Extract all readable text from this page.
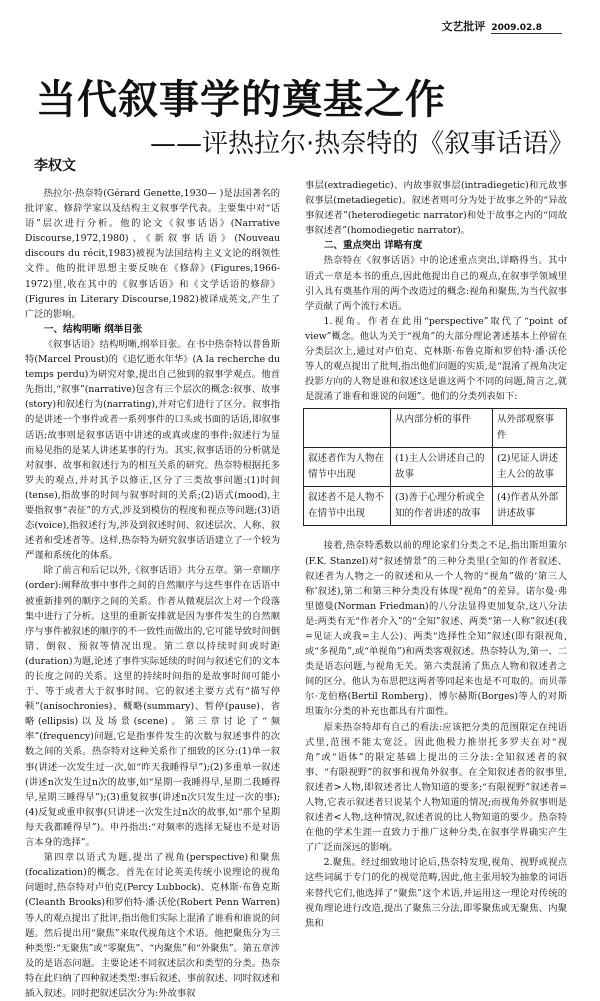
文艺批评 2009.02.8
当代叙事学的奠基之作
——评热拉尔·热奈特的《叙事话语》
李权文

热拉尔·热奈特(Gérard Genette,1930— )是法国著名的批评家、修辞学家以及结构主义叙事学代表。主要集中对“话语”层次进行分析。他的论文《叙事话语》(Narrative Discourse,1972,1980)、《新叙事话语》(Nouveau discours du récit,1983)被视为法国结构主义文论的纲领性文件。他的批评思想主要反映在《修辞》(Figures,1966-1972)里,收在其中的《叙事话语》和《文学话语的修辞》(Figures in Literary Discourse,1982)被译成英文,产生了广泛的影响。

一、结构明晰 纲举目张

《叙事话语》结构明晰,纲举目张。在书中热奈特以普鲁斯特(Marcel Proust)的《追忆逝水年华》(A la recherche du temps perdu)为研究对象,提出自己独到的叙事学观点。他首先指出,“叙事”(narrative)包含有三个层次的概念:叙事、故事(story)和叙述行为(narrating),并对它们进行了区分。叙事指的是讲述一个事件或者一系列事件的口头或书面的话语,即叙事话语;故事则是叙事话语中讲述的或真或虚的事件;叙述行为显而易见指的是某人讲述某事的行为。其实,叙事话语的分析就是对叙事、故事和叙述行为的相互关系的研究。热奈特根据托多罗夫的观点,并对其予以修正,区分了三类故事问题:(1)时间(tense),指故事的时间与叙事时间的关系;(2)语式(mood),主要指叙事“表征”的方式,涉及到模仿的程度和视点等问题;(3)语态(voice),指叙述行为,涉及到叙述时间、叙述层次、人称、叙述者和受述者等。这样,热奈特为研究叙事话语建立了一个较为严谨和系统化的体系。

除了前言和后记以外,《叙事话语》共分五章。第一章顺序(order):阐释故事中事件之间的自然顺序与这些事件在话语中被重新排列的顺序之间的关系。作者从微观层次上对一个段落集中进行了分析。这里的重新安排就是因为事件发生的自然顺序与事件被叙述的顺序的不一致性而做出的,它可能导致时间倒错、倒叙、预叙等情况出现。第二章以持续时间或时距(duration)为题,论述了事件实际延续的时间与叙述它们的文本的长度之间的关系。这里的持续时间指的是故事时间可能小于、等于或者大于叙事时间。它的叙述主要方式有“描写停顿”(anisochronies)、概略(summary)、暂停(pause)、省略(ellipsis)以及场景(scene)。第三章讨论了“频率”(frequency)问题,它是指事件发生的次数与叙述事件的次数之间的关系。热奈特对这种关系作了细致的区分:(1)单一叙事(讲述一次发生过一次,如“昨天我睡得早”);(2)多重单一叙述(讲述n次发生过n次的故事,如“星期一我睡得早,星期二我睡得早,星期三睡得早”);(3)重复叙事(讲述n次只发生过一次的事);(4)反复或重申叙事(只讲述一次发生过n次的故事,如“那个星期每天我都睡得早”)。申丹指出:“对频率的选择无疑也不是对语言本身的选择”。

第四章以语式为题,提出了视角(perspective)和聚焦(focalization)的概念。首先在讨论英美传统小说理论的视角问题时,热奈特对卢伯克(Percy Lubbock)、克林斯·布鲁克斯(Cleanth Brooks)和罗伯特·潘·沃伦(Robert Penn Warren)等人的观点提出了批评,指出他们实际上混淆了谁看和谁说的问题。然后提出用“聚焦”来取代视角这个术语。他把聚焦分为三种类型:“无聚焦”或“零聚焦”、“内聚焦”和“外聚焦”。第五章涉及的是语态问题。主要论述不同叙述层次和类型的分类。热奈特在此归纳了四种叙述类型:事后叙述、事前叙述、同时叙述和插入叙述。同时把叙述层次分为:外故事叙

事层(extradiegetic)、内故事叙事层(intradiegetic)和元故事叙事层(metadiegetic)。叙述者则可分为处于故事之外的“异故事叙述者”(heterodiegetic narrator)和处于故事之内的“同故事叙述者”(homodiegetic narrator)。

二、重点突出 详略有度

热奈特在《叙事话语》中的论述重点突出,详略得当。其中语式一章是本书的重点,因此他提出自己的观点,在叙事学领域里引入具有奠基作用的两个改造过的概念:视角和聚焦,为当代叙事学贡献了两个流行术语。

1.视角。作者在此用“perspective”取代了“point of view”概念。他认为关于“视角”的大部分理论著述基本上停留在分类层次上,通过对卢伯克、克林斯·布鲁克斯和罗伯特·潘·沃伦等人的观点提出了批判,指出他们问题的实质,是“混淆了视角决定投影方向的人物是谁和叙述这是谁这两个不同的问题,简言之,就是混淆了谁看和谁说的问题”。他们的分类列表如下:

	从内部分析的事件	从外部观察事件
叙述者作为人物在情节中出现	(1)主人公讲述自己的故事	(2)见证人讲述主人公的故事
叙述者不是人物不在情节中出现	(3)善于心理分析或全知的作者讲述的故事	(4)作者从外部讲述故事

接着,热奈特悉数以前的理论家们分类之不足,指出斯坦策尔(F.K. Stanzel)对“叙述情景”的三种分类里(全知的作者叙述、叙述者为人物之一的叙述和从一个人物的“视角”做的‘第三人称’叙述),第二和第三种分类没有体现“视角”的差异。诺尔曼·弗里德曼(Norman Friedman)的八分法显得更加复杂,这八分法是:两类有无“作者介入”的“全知”叙述、两类“第一人称”叙述(我=见证人或我=主人公)、两类“选择性全知”叙述(即有限视角,或“多视角”,或“单视角”)和两类客观叙述。热奈特认为,第一、二类是语态问题,与视角无关。第六类混淆了焦点人物和叙述者之间的区分。他认为布思把这两者等同起来也是不可取的。而贝蒂尔·龙伯格(Bertil Romberg)、博尔赫斯(Borges)等人的对斯坦策尔分类的补充也都具有片面性。

原来热奈特却有自己的看法:应该把分类的范围限定在纯语式里,范围不能太宽泛。因此他极力推崇托多罗夫在对“视角”或“语体”的限定基础上提出的三分法:全知叙述者的叙事、“有限视野”的叙事和视角外叙事。在全知叙述者的叙事里,叙述者>人物,即叙述者比人物知道的要多;“有限视野”叙述者=人物,它表示叙述者只说某个人物知道的情况;而视角外叙事则是叙述者<人物,这种情况,叙述者说的比人物知道的要少。热奈特在他的学术生涯一直致力于推广这种分类,在叙事学界确实产生了广泛而深远的影响。

2.聚焦。经过细致地讨论后,热奈特发现,视角、视野或视点这些词属于专门的化的视觉范畴,因此,他主张用较为抽象的词语来替代它们,他选择了“聚焦”这个术语,并运用这一理论对传统的视角理论进行改造,提出了聚焦三分法,即零聚焦或无聚焦、内聚焦和
